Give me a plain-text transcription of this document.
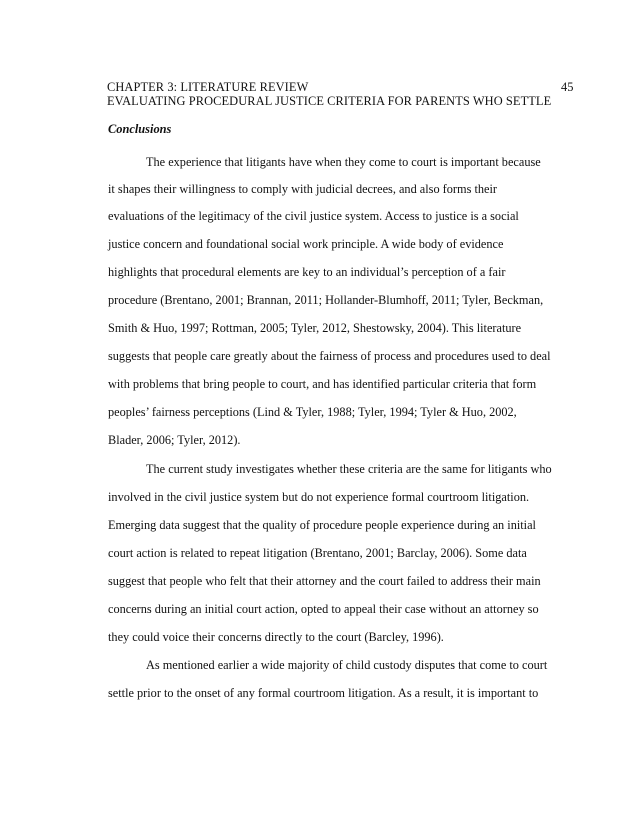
CHAPTER 3: LITERATURE REVIEW	45
EVALUATING PROCEDURAL JUSTICE CRITERIA FOR PARENTS WHO SETTLE
Conclusions
The experience that litigants have when they come to court is important because
it shapes their willingness to comply with judicial decrees, and also forms their
evaluations of the legitimacy of the civil justice system. Access to justice is a social
justice concern and foundational social work principle. A wide body of evidence
highlights that procedural elements are key to an individual’s perception of a fair
procedure (Brentano, 2001; Brannan, 2011; Hollander-Blumhoff, 2011; Tyler, Beckman,
Smith & Huo, 1997; Rottman, 2005; Tyler, 2012, Shestowsky, 2004). This literature
suggests that people care greatly about the fairness of process and procedures used to deal
with problems that bring people to court, and has identified particular criteria that form
peoples’ fairness perceptions (Lind & Tyler, 1988; Tyler, 1994; Tyler & Huo, 2002,
Blader, 2006; Tyler, 2012).
The current study investigates whether these criteria are the same for litigants who
involved in the civil justice system but do not experience formal courtroom litigation.
Emerging data suggest that the quality of procedure people experience during an initial
court action is related to repeat litigation (Brentano, 2001; Barclay, 2006). Some data
suggest that people who felt that their attorney and the court failed to address their main
concerns during an initial court action, opted to appeal their case without an attorney so
they could voice their concerns directly to the court (Barcley, 1996).
As mentioned earlier a wide majority of child custody disputes that come to court
settle prior to the onset of any formal courtroom litigation. As a result, it is important to
